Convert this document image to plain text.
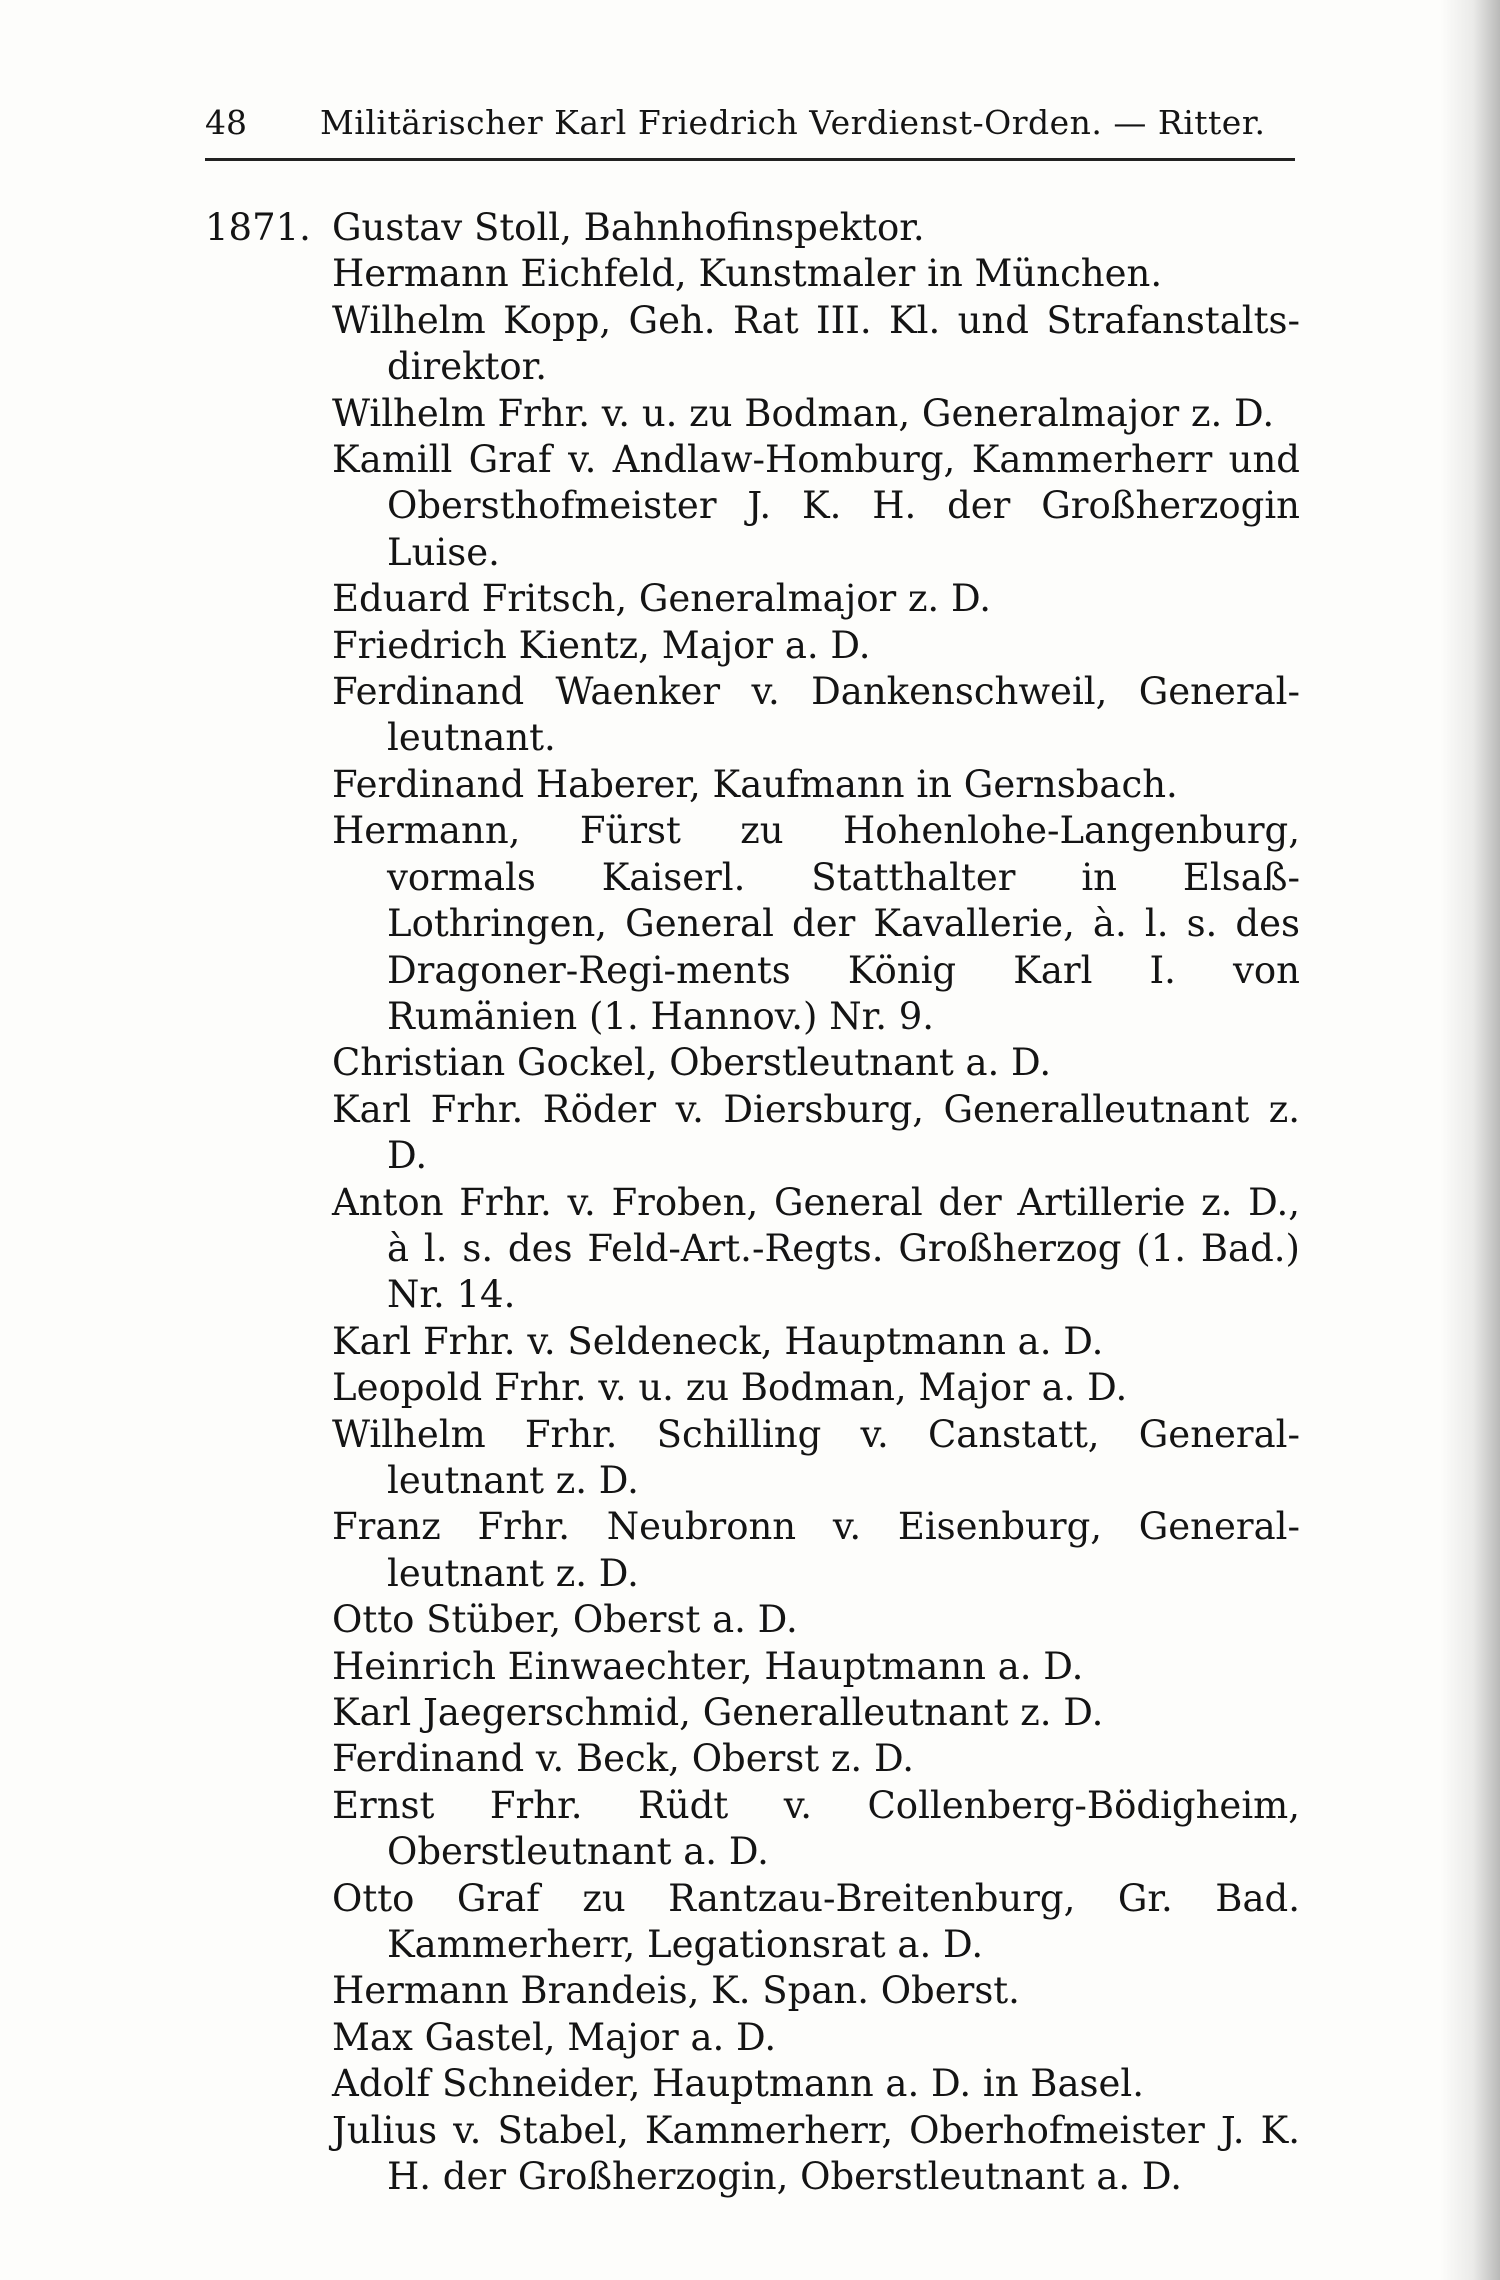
48 Militärischer Karl Friedrich Verdienst-Orden. — Ritter.
1871. Gustav Stoll, Bahnhofinspektor.
Hermann Eichfeld, Kunstmaler in München.
Wilhelm Kopp, Geh. Rat III. Kl. und Strafanstalts-direktor.
Wilhelm Frhr. v. u. zu Bodman, Generalmajor z. D.
Kamill Graf v. Andlaw-Homburg, Kammerherr und Obersthofmeister J. K. H. der Großherzogin Luise.
Eduard Fritsch, Generalmajor z. D.
Friedrich Kientz, Major a. D.
Ferdinand Waenker v. Dankenschweil, General-leutnant.
Ferdinand Haberer, Kaufmann in Gernsbach.
Hermann, Fürst zu Hohenlohe-Langenburg, vormals Kaiserl. Statthalter in Elsaß-Lothringen, General der Kavallerie, à. l. s. des Dragoner-Regi-ments König Karl I. von Rumänien (1. Hannov.) Nr. 9.
Christian Gockel, Oberstleutnant a. D.
Karl Frhr. Röder v. Diersburg, Generalleutnant z. D.
Anton Frhr. v. Froben, General der Artillerie z. D., à l. s. des Feld-Art.-Regts. Großherzog (1. Bad.) Nr. 14.
Karl Frhr. v. Seldeneck, Hauptmann a. D.
Leopold Frhr. v. u. zu Bodman, Major a. D.
Wilhelm Frhr. Schilling v. Canstatt, General-leutnant z. D.
Franz Frhr. Neubronn v. Eisenburg, General-leutnant z. D.
Otto Stüber, Oberst a. D.
Heinrich Einwaechter, Hauptmann a. D.
Karl Jaegerschmid, Generalleutnant z. D.
Ferdinand v. Beck, Oberst z. D.
Ernst Frhr. Rüdt v. Collenberg-Bödigheim, Oberstleutnant a. D.
Otto Graf zu Rantzau-Breitenburg, Gr. Bad. Kammerherr, Legationsrat a. D.
Hermann Brandeis, K. Span. Oberst.
Max Gastel, Major a. D.
Adolf Schneider, Hauptmann a. D. in Basel.
Julius v. Stabel, Kammerherr, Oberhofmeister J. K. H. der Großherzogin, Oberstleutnant a. D.
